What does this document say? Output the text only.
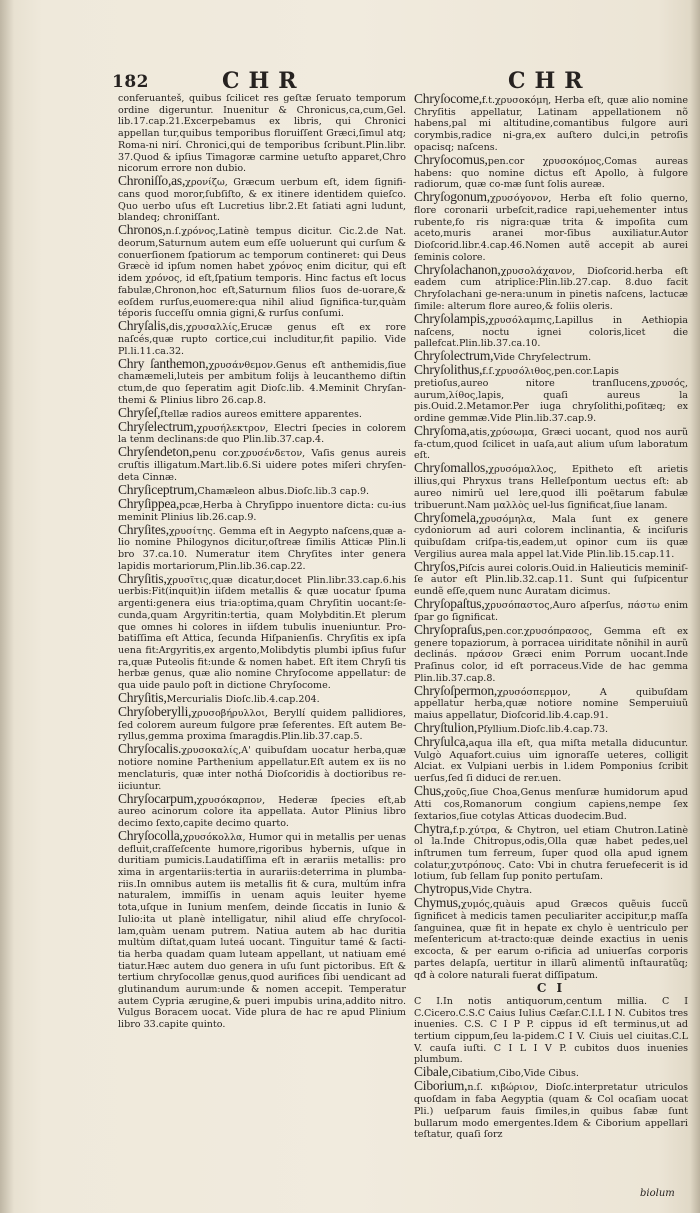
182	CHR	CHR
conferuanteš, quibus ſcilicet res geſtæ ſeruato temporum ordine digeruntur. Inuenitur & Chronicus,ca,cum,Gel. lib.17.cap.21.Excerpebamus ex libris, qui Chronici appellan tur,quibus temporibus floruiſſent Græci,ſimul atq; Roma-ni nirí. Chronici,qui de temporibus ſcribunt.Plin.libr. 37.Quod & ipſius Timagoræ carmine uetuſto apparet,Chro nicorum errore non dubio.
Chroniſſo,as,χρονίζω, Græcum uerbum eſt, idem ſignifi-cans quod moror,ſubſiſto, & ex itinere identidem quieſco. Quo uerbo uſus eſt Lucretius libr.2.Et ſatiati agni ludunt, blandeq; chroniſſant.
Chronos,n.ſ.χρόνος,Latinè tempus dicitur. Cic.2.de Nat. deorum,Saturnum autem eum eſſe uoluerunt qui curſum & conuerſionem ſpatiorum ac temporum contineret: qui Deus Græcè id ipſum nomen habet χρόνος enim dicitur, qui eſt idem χρόνος, id eſt,ſpatium temporis. Hinc factus eſt locus fabulæ,Chronon,hoc eſt,Saturnum filios ſuos de-uorare,& eoſdem rurſus,euomere:qua nihil aliud ſignifica-tur,quàm téporis ſucceſſu omnia gigni,& rurſus conſumi.
Chryſalis,dis,χρυσαλλίς,Erucæ genus eſt ex rore naſcés,quæ rupto cortice,cui includitur,fit papilio. Vide Pl.li.11.ca.32.
Chry ſanthemon,χρυσάνθεμον.Genus eſt anthemidis,ſiue chamæmeli,luteis per ambitum folijs à leucanthemo diſtin ctum,de quo ſeperatim agit Dioſc.lib. 4.Meminit Chryſan-themi & Plinius libro 26.cap.8.
Chryſeſ,ſtellæ radios aureos emittere apparentes.
Chryſelectrum,χρυσήλεκτρον, Electri ſpecies in colorem la tenm declinans:de quo Plin.lib.37.cap.4.
Chryſendeton,penu cor.χρυσένδετον, Vaſis genus aureis cruſtis illigatum.Mart.lib.6.Si uidere potes miſeri chryſen-deta Cinnæ.
Chryſiceptrum,Chamæleon albus.Dioſc.lib.3 cap.9.
Chryſippea,pcæ,Herba à Chryſippo inuentore dicta: cu-ius meminit Plinius lib.26.cap.9.
Chryſites,χρυσίτης. Gemma eſt in Aegypto naſcens,quæ a-lio nomine Philogynos dicitur,oſtreæ ſimilis Atticæ Plin.li bro 37.ca.10. Numeratur item Chryſites inter genera lapidis mortariorum,Plin.lib.36.cap.22.
Chryſitis,χρυσῖτις,quæ dicatur,docet Plin.libr.33.cap.6.his uerbis:Fit(inquit)in iiſdem metallis & quæ uocatur ſpuma argenti:genera eius tria:optima,quam Chryſitin uocant:ſe-cunda,quam Argyritin:tertia, quam Molybditin.Et plerum que omnes hi colores in iiſdem tubulis inueniuntur. Pro-batiſſima eſt Attica, ſecunda Hiſpanienſis. Chryſitis ex ipſa uena fit:Argyritis,ex argento,Molibdytis plumbi ipſius fuſur ra,quæ Puteolis fit:unde & nomen habet. Eſt item Chryſi tis herbæ genus, quæ alio nomine Chryſocome appellatur: de qua uide paulo poſt in dictione Chryſocome.
Chryſitis,Mercurialis Dioſc.lib.4.cap.204.
Chryſoberylli,χρυσοβήρυλλοι, Beryllí quidem pallidiores, ſed colorem aureum fulgore præ ſeferentes. Eſt autem Be-ryllus,gemma proxima ſmaragdis.Plin.lib.37.cap.5.
Chryſocalis.χρυσοκαλίς,A' quibuſdam uocatur herba,quæ notiore nomine Parthenium appellatur.Eſt autem ex iis no menclaturis, quæ inter nothá Dioſcoridis à doctioribus re-iiciuntur.
Chryſocarpum,χρυσόκαρπον, Hederæ ſpecies eſt,ab aureo acinorum colore ita appellata. Autor Plinius libro decimo ſexto,capite decimo quarto.
Chryſocolla,χρυσόκολλα, Humor qui in metallis per uenas defluit,craſſeſcente humore,rigoribus hybernis, uſque in duritiam pumicis.Laudatiſſima eſt in ærariis metallis: pro xima in argentariis:tertia in aurariis:deterrima in plumba-riis.In omnibus autem iis metallis fit & cura, multúm infra naturalem, immiſſis in uenam aquis leuiter hyeme tota,uſque in Iunium menſem, deinde ſiccatis in Iunio & Iulio:ita ut planè intelligatur, nihil aliud eſſe chryſocol-lam,quàm uenam putrem. Natiua autem ab hac duritia multùm diſtat,quam luteá uocant. Tinguitur tamé & ſacti-tia herba quadam quam luteam appellant, ut natiuam emé tiatur.Hæc autem duo genera in uſu ſunt pictoribus. Eſt & tertium chryſocollæ genus,quod aurifices ſibi uendicant ad glutinandum aurum:unde & nomen accepit. Temperatur autem Cypria ærugine,& pueri impubis urina,addito nitro. Vulgus Boracem uocat. Vide plura de hac re apud Plinium libro 33.capite quinto.
Chryſocome,f.t.χρυσοκόμη, Herba eſt, quæ alio nomine Chryſitis appellatur, Latinam appellationem nõ habens,pal mi altitudine,comantibus fulgore auri corymbis,radice ni-gra,ex auſtero dulci,in petroſis opacisq; naſcens.
Chryſocomus,pen.cor χρυσοκόμος,Comas aureas habens: quo nomine dictus eſt Apollo, à fulgore radiorum, quæ co-mæ ſunt ſolis aureæ.
Chryſogonum,χρυσόγονον, Herba eſt folio querno, flore coronarii urbeſcit,radice rapi,uehementer intus rubente,fo ris nigra:quæ trita & impoſita cum aceto,muris aranei mor-ſibus auxiliatur.Autor Dioſcorid.libr.4.cap.46.Nomen autẽ accepit ab aurei ſeminis colore.
Chryſolachanon,χρυσολάχανον, Dioſcorid.herba eſt eadem cum atriplice:Plin.lib.27.cap. 8.duo facit Chryſolachani ge-nera:unum in pinetis naſcens, lactucæ ſimile: alterum flore aureo,& foliis oleris.
Chryſolampis,χρυσόλαμπις,Lapillus in Aethiopia naſcens, noctu ignei coloris,licet die pallefcat.Plin.lib.37.ca.10.
Chryſolectrum,Vide Chryſelectrum.
Chryſolithus,f.ſ.χρυσόλιθος,pen.cor.Lapis pretioſus,aureo nitore tranſlucens,χρυσός, aurum,λίθος,lapis, quaſi aureus la pis.Ouid.2.Metamor.Per iuga chryſolithi,poſitæq; ex ordine gemmæ.Vide Plin.lib.37.cap.9.
Chryſoma,atis,χρύσωμα, Græci uocant, quod nos aurũ fa-ctum,quod ſcilicet in uaſa,aut alium uſum laboratum eſt.
Chryſomallos,χρυσόμαλλος, Epitheto eſt arietis illius,qui Phryxus trans Helleſpontum uectus eſt: ab aureo nimirũ uel lere,quod illi poëtarum fabulæ tribuerunt.Nam μαλλὸς uel-lus ſignificat,ſiue lanam.
Chryſomela,χρυσόμηλα, Mala ſunt ex genere cydoniorum ad auri colorem inclinantia, & inciſuris quibuſdam criſpa-tis,eadem,ut opinor cum iis quæ Vergilius aurea mala appel lat.Vide Plin.lib.15.cap.11.
Chryſos,Piſcis aurei coloris.Ouid.in Halieuticis meminiſ-ſe autor eſt Plin.lib.32.cap.11. Sunt qui ſuſpicentur eundẽ eſſe,quem nunc Auratam dicimus.
Chryſopaſtus,χρυσόπαστος,Auro aſperſus, πάστω enim ſpar go ſignificat.
Chryſopraſus,pen.cor.χρυσόπρασος, Gemma eſt ex genere topaziorum, à porracea uiriditate nõnihil in aurũ declinás. πράσον Græci enim Porrum uocant.Inde Praſinus color, id eſt porraceus.Vide de hac gemma Plin.lib.37.cap.8.
Chryſoſpermon,χρυσόσπερμον, A quibuſdam appellatur herba,quæ notiore nomine Semperuiuũ maius appellatur, Dioſcorid.lib.4.cap.91.
Chryſtulion,Pſyllium.Dioſc.lib.4.cap.73.
Chryſulca,aqua illa eſt, qua miſta metalla diducuntur. Vulgò Aquafort.cuius uim ignoraſſe ueteres, colligit Alciat. ex Vulpiani uerbis in l.idem Pomponius ſcribit uerſus,ſed ſi diduci de rer.uen.
Chus,χοῦς,ſiue Choa,Genus menſuræ humidorum apud Atti cos,Romanorum congium capiens,nempe ſex ſextarios,ſiue cotylas Atticas duodecim.Bud.
Chytra,f.p.χύτρα, & Chytron, uel etiam Chutron.Latinè ol la.Inde Chitropus,odis,Olla quæ habet pedes,uel inſtrumen tum ferreum, ſuper quod olla apud ignem colatur,χυτρόπους. Cato: Vbi in chutra feruefecerit is id lotium, ſub ſellam ſup ponito pertuſam.
Chytropus,Vide Chytra.
Chymus,χυμός,quàuis apud Græcos quẽuis ſuccũ ſignificet à medicis tamen peculiariter accipitur,p maſſa ſanguinea, quæ fit in hepate ex chylo è uentriculo per meſentericum at-tracto:quæ deinde exactius in uenis excocta, & per earum o-rificia ad uniuerſas corporis partes delapſa, uertitur in illarũ alimentũ inſtauratũq; qđ à colore naturali fuerat diſſipatum.
C I
C I.In notis antiquorum,centum millia. C I C.Cicero.C.S.C Caius Iulius Cæſar.C.I.L I N. Cubitos tres inuenies. C.S. C I P P. cippus id eſt terminus,ut ad tertium cippum,ſeu la-pidem.C I V. Ciuis uel ciuitas.C.L V. cauſa iuſti. C I L I V P. cubitos duos inuenies plumbum.
Cibale,Cibatium,Cibo,Vide Cibus.
Ciborium,n.ſ. κιβώριον, Dioſc.interpretatur utriculos quoſdam in faba Aegyptia (quam & Col ocaſiam uocat Pli.) ueſparum fauis ſimiles,in quibus ſabæ ſunt bullarum modo emergentes.Idem & Ciborium appellari teſtatur, quaſi ſorz
biolum
